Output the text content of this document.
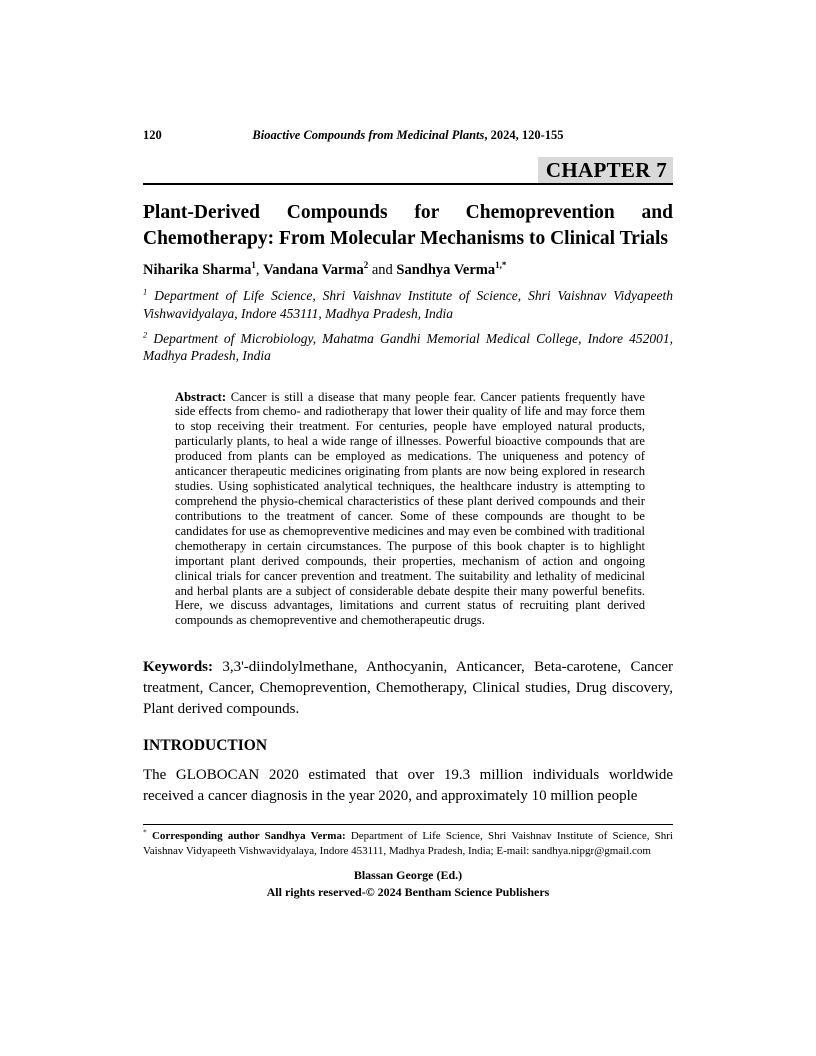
120	Bioactive Compounds from Medicinal Plants, 2024, 120-155
CHAPTER 7
Plant-Derived Compounds for Chemoprevention and Chemotherapy: From Molecular Mechanisms to Clinical Trials

Niharika Sharma$^1$, Vandana Varma$^2$ and Sandhya Verma$^{1,*}$

$^1$ Department of Life Science, Shri Vaishnav Institute of Science, Shri Vaishnav Vidyapeeth Vishwavidyalaya, Indore 453111, Madhya Pradesh, India

$^2$ Department of Microbiology, Mahatma Gandhi Memorial Medical College, Indore 452001, Madhya Pradesh, India

Abstract: Cancer is still a disease that many people fear. Cancer patients frequently have side effects from chemo- and radiotherapy that lower their quality of life and may force them to stop receiving their treatment. For centuries, people have employed natural products, particularly plants, to heal a wide range of illnesses. Powerful bioactive compounds that are produced from plants can be employed as medications. The uniqueness and potency of anticancer therapeutic medicines originating from plants are now being explored in research studies. Using sophisticated analytical techniques, the healthcare industry is attempting to comprehend the physio-chemical characteristics of these plant derived compounds and their contributions to the treatment of cancer. Some of these compounds are thought to be candidates for use as chemopreventive medicines and may even be combined with traditional chemotherapy in certain circumstances. The purpose of this book chapter is to highlight important plant derived compounds, their properties, mechanism of action and ongoing clinical trials for cancer prevention and treatment. The suitability and lethality of medicinal and herbal plants are a subject of considerable debate despite their many powerful benefits. Here, we discuss advantages, limitations and current status of recruiting plant derived compounds as chemopreventive and chemotherapeutic drugs.

Keywords: 3,3'-diindolylmethane, Anthocyanin, Anticancer, Beta-carotene, Cancer treatment, Cancer, Chemoprevention, Chemotherapy, Clinical studies, Drug discovery, Plant derived compounds.

INTRODUCTION

The GLOBOCAN 2020 estimated that over 19.3 million individuals worldwide received a cancer diagnosis in the year 2020, and approximately 10 million people

* Corresponding author Sandhya Verma: Department of Life Science, Shri Vaishnav Institute of Science, Shri Vaishnav Vidyapeeth Vishwavidyalaya, Indore 453111, Madhya Pradesh, India; E-mail: sandhya.nipgr@gmail.com

Blassan George (Ed.)

All rights reserved-© 2024 Bentham Science Publishers
